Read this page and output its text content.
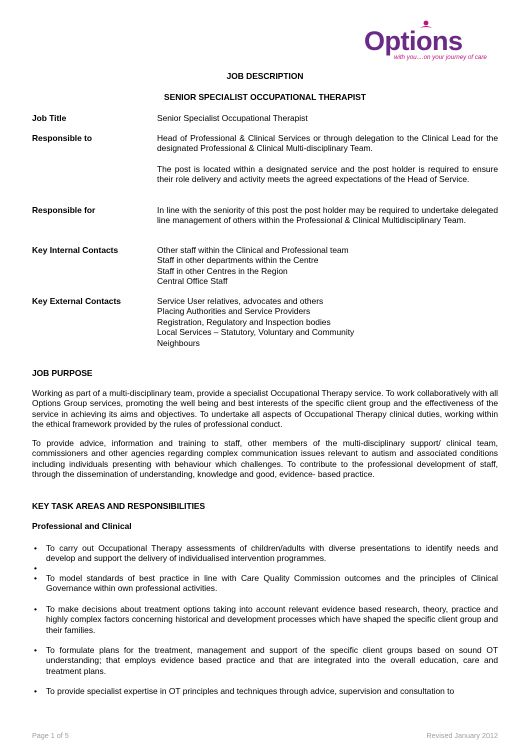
Options
with you....on your journey of care
JOB DESCRIPTION
SENIOR SPECIALIST OCCUPATIONAL THERAPIST
Job Title	Senior Specialist Occupational Therapist
Responsible to	Head of Professional & Clinical Services or through delegation to the Clinical Lead for the designated Professional & Clinical Multi-disciplinary Team.
The post is located within a designated service and the post holder is required to ensure their role delivery and activity meets the agreed expectations of the Head of Service.
Responsible for	In line with the seniority of this post the post holder may be required to undertake delegated line management of others within the Professional & Clinical Multidisciplinary Team.
Key Internal Contacts	Other staff within the Clinical and Professional team
Staff in other departments within the Centre
Staff in other Centres in the Region
Central Office Staff
Key External Contacts	Service User relatives, advocates and others
Placing Authorities and Service Providers
Registration, Regulatory and Inspection bodies
Local Services – Statutory, Voluntary and Community
Neighbours
JOB PURPOSE
Working as part of a multi-disciplinary team, provide a specialist Occupational Therapy service. To work collaboratively with all Options Group services, promoting the well being and best interests of the specific client group and the effectiveness of the service in achieving its aims and objectives. To undertake all aspects of Occupational Therapy clinical duties, working within the ethical framework provided by the rules of professional conduct.
To provide advice, information and training to staff, other members of the multi-disciplinary support/ clinical team, commissioners and other agencies regarding complex communication issues relevant to autism and associated conditions including individuals presenting with behaviour which challenges. To contribute to the professional development of staff, through the dissemination of understanding, knowledge and good, evidence- based practice.
KEY TASK AREAS AND RESPONSIBILITIES
Professional and Clinical
• To carry out Occupational Therapy assessments of children/adults with diverse presentations to identify needs and develop and support the delivery of individualised intervention programmes.
•
• To model standards of best practice in line with Care Quality Commission outcomes and the principles of Clinical Governance within own professional activities.
• To make decisions about treatment options taking into account relevant evidence based research, theory, practice and highly complex factors concerning historical and development processes which have shaped the specific client group and their families.
• To formulate plans for the treatment, management and support of the specific client groups based on sound OT understanding; that employs evidence based practice and that are integrated into the overall education, care and treatment plans.
• To provide specialist expertise in OT principles and techniques through advice, supervision and consultation to
Page 1 of 5	Revised January 2012
